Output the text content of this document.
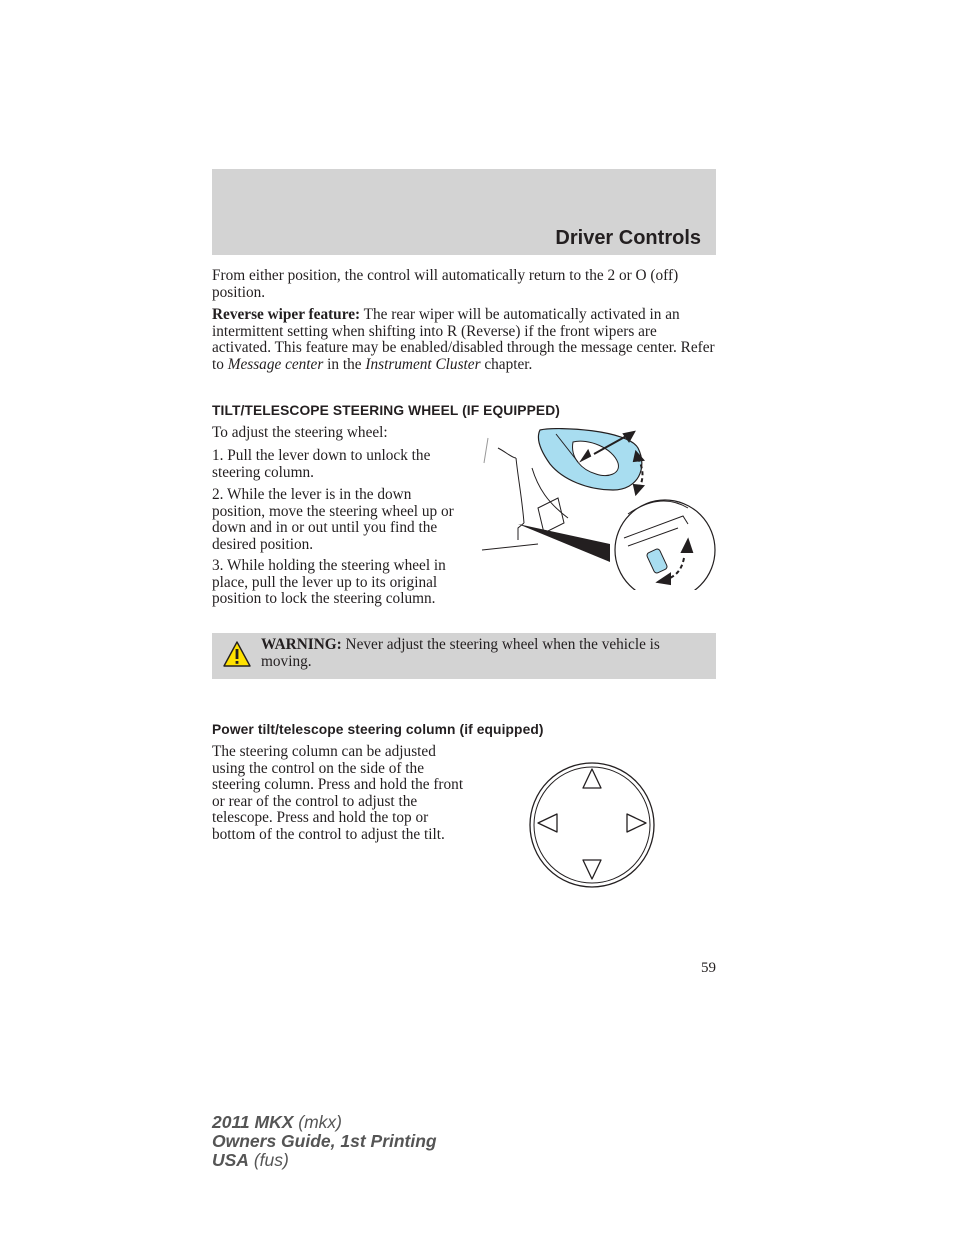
Driver Controls

From either position, the control will automatically return to the 2 or O (off) position.

Reverse wiper feature: The rear wiper will be automatically activated in an intermittent setting when shifting into R (Reverse) if the front wipers are activated. This feature may be enabled/disabled through the message center. Refer to Message center in the Instrument Cluster chapter.

TILT/TELESCOPE STEERING WHEEL (IF EQUIPPED)

To adjust the steering wheel:

1. Pull the lever down to unlock the steering column.

2. While the lever is in the down position, move the steering wheel up or down and in or out until you find the desired position.

3. While holding the steering wheel in place, pull the lever up to its original position to lock the steering column.

WARNING: Never adjust the steering wheel when the vehicle is moving.
Power tilt/telescope steering column (if equipped)

The steering column can be adjusted using the control on the side of the steering column. Press and hold the front or rear of the control to adjust the telescope. Press and hold the top or bottom of the control to adjust the tilt.

59
2011 MKX (mkx)
Owners Guide, 1st Printing
USA (fus)
